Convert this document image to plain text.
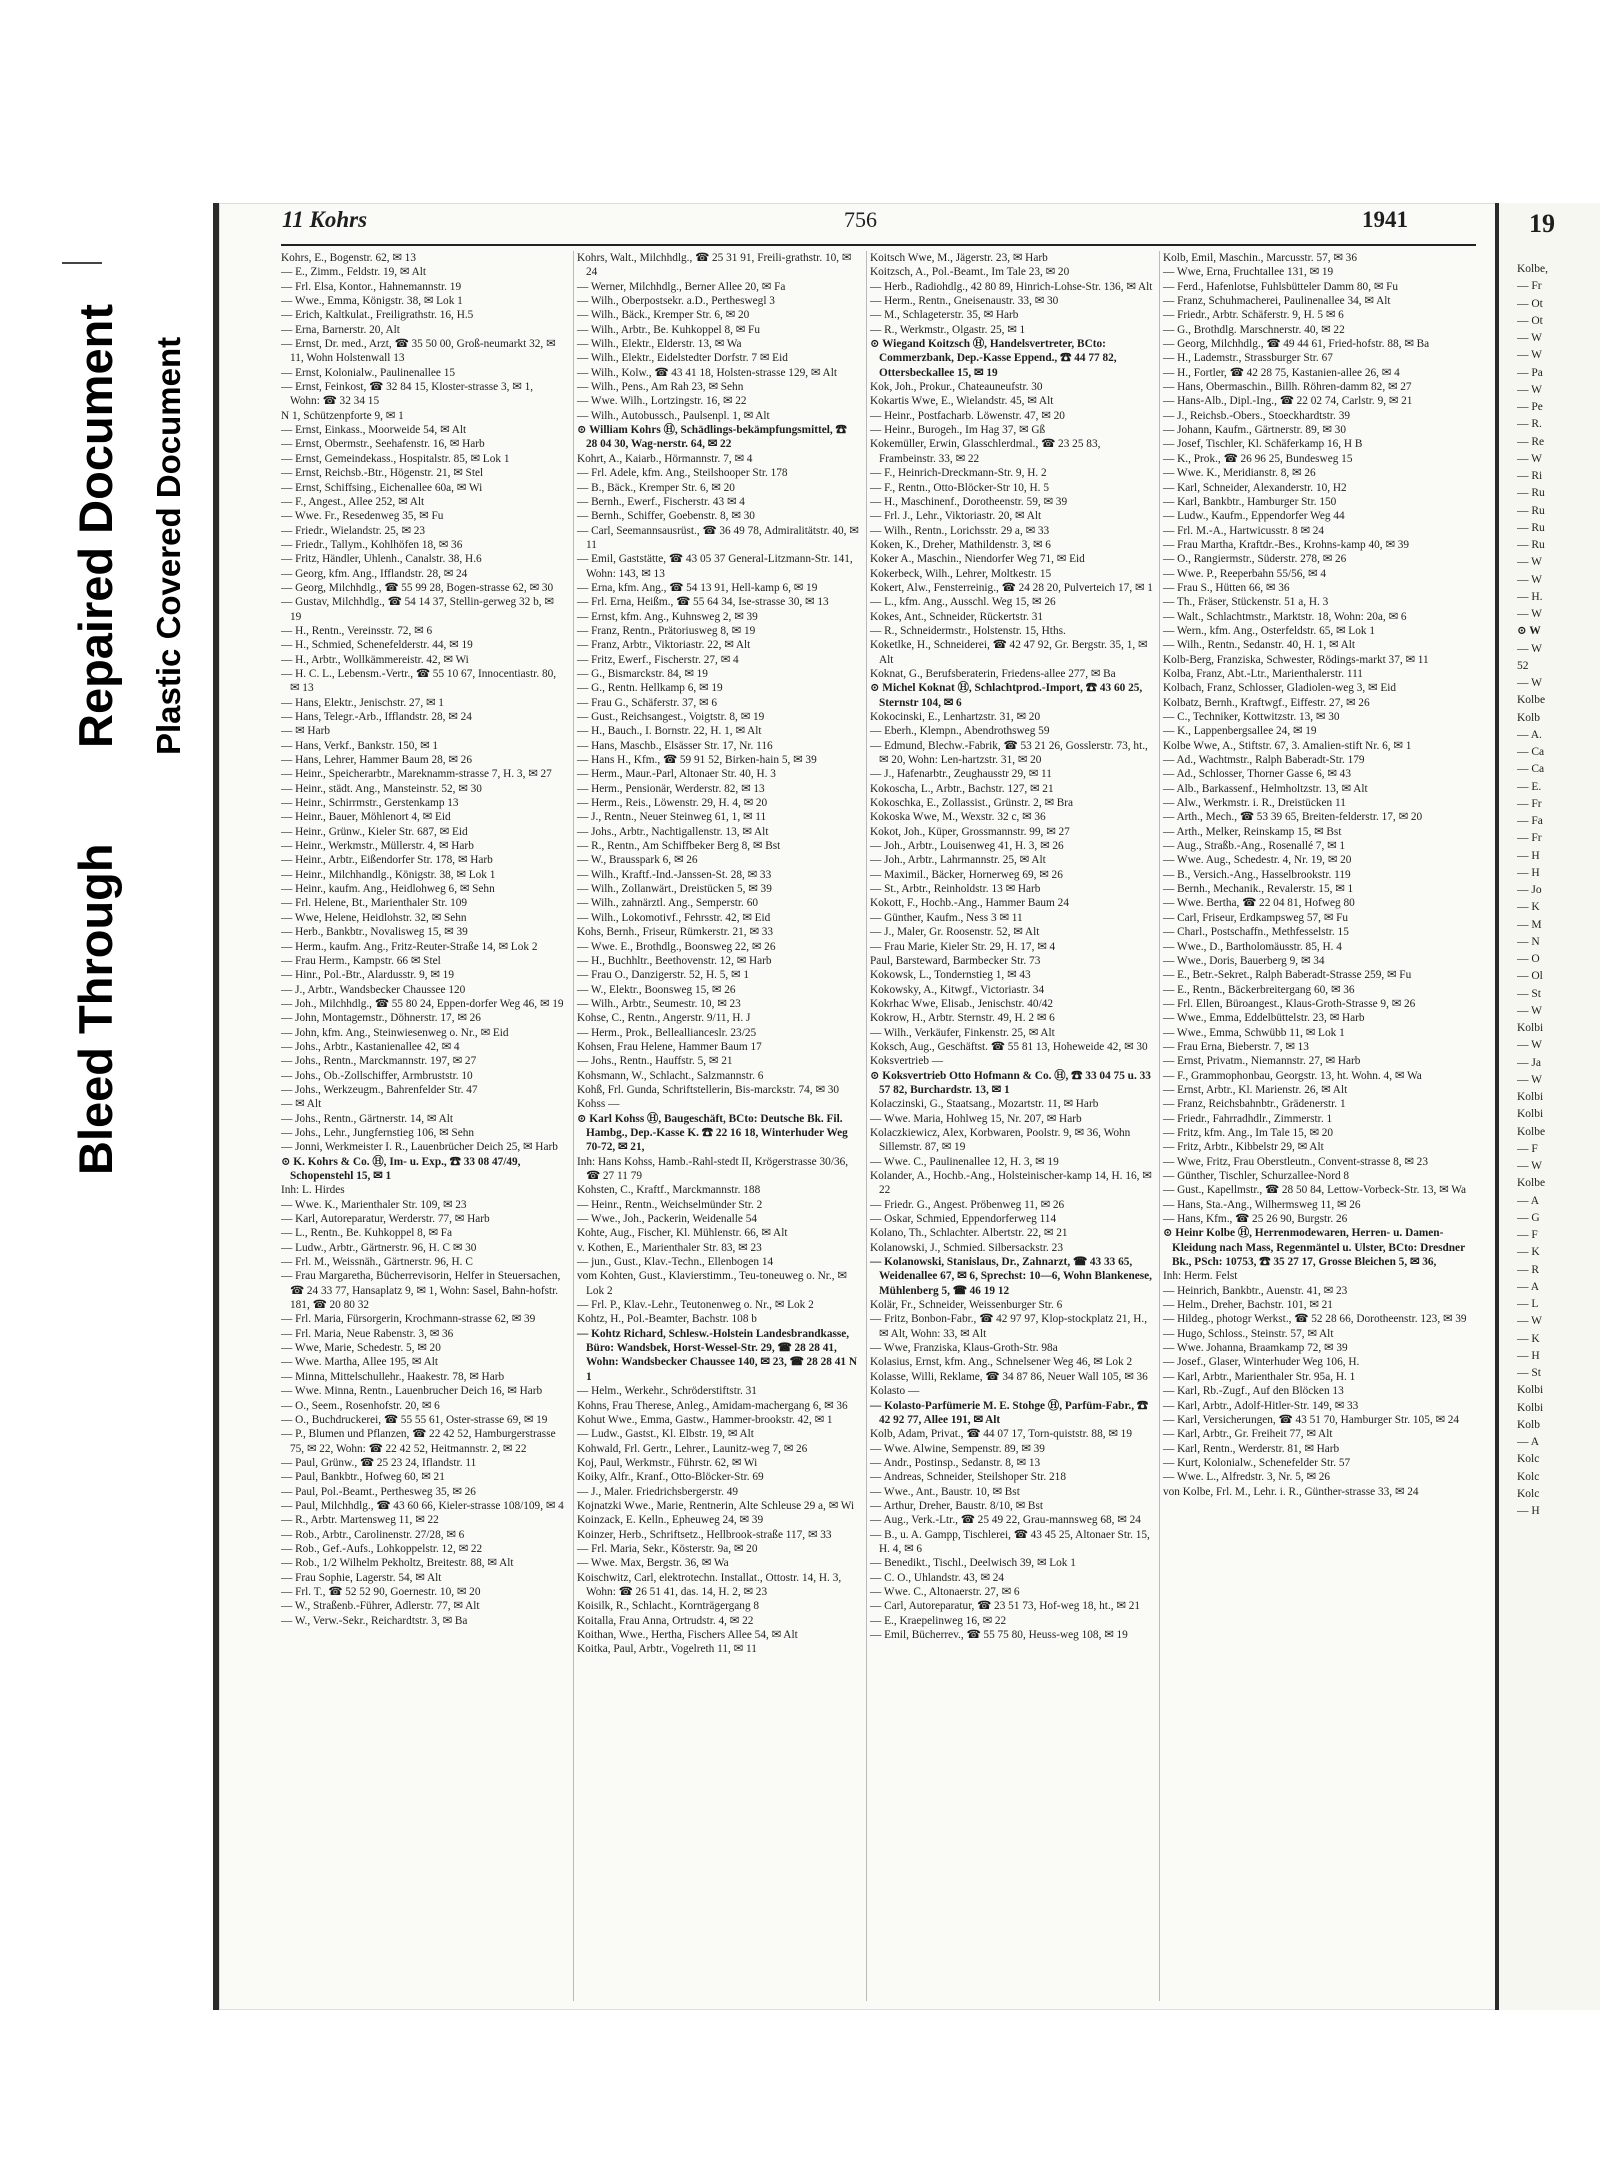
Bleed Through
Repaired Document Plastic Covered Document
11 Kohrs	756	1941
Kohrs, E., Bogenstr. 62, ✉ 13
— E., Zimm., Feldstr. 19, ✉ Alt
— Frl. Elsa, Kontor., Hahnemannstr. 19
— Wwe., Emma, Königstr. 38, ✉ Lok 1
— Erich, Kaltkulat., Freiligrathstr. 16, H.5
— Erna, Barnerstr. 20, Alt
— Ernst, Dr. med., Arzt, ☎ 35 50 00, Groß-neumarkt 32, ✉ 11, Wohn Holstenwall 13
— Ernst, Kolonialw., Paulinenallee 15
— Ernst, Feinkost, ☎ 32 84 15, Kloster-strasse 3, ✉ 1, Wohn: ☎ 32 34 15
N 1, Schützenpforte 9, ✉ 1
— Ernst, Einkass., Moorweide 54, ✉ Alt
— Ernst, Obermstr., Seehafenstr. 16, ✉ Harb
— Ernst, Gemeindekass., Hospitalstr. 85, ✉ Lok 1
— Ernst, Reichsb.-Btr., Högenstr. 21, ✉ Stel
— Ernst, Schiffsing., Eichenallee 60a, ✉ Wi
— F., Angest., Allee 252, ✉ Alt
— Wwe. Fr., Resedenweg 35, ✉ Fu
— Friedr., Wielandstr. 25, ✉ 23
— Friedr., Tallym., Kohlhöfen 18, ✉ 36
— Fritz, Händler, Uhlenh., Canalstr. 38, H.6
— Georg, kfm. Ang., Ifflandstr. 28, ✉ 24
— Georg, Milchhdlg., ☎ 55 99 28, Bogen-strasse 62, ✉ 30
— Gustav, Milchhdlg., ☎ 54 14 37, Stellin-gerweg 32 b, ✉ 19
— H., Rentn., Vereinsstr. 72, ✉ 6
— H., Schmied, Schenefelderstr. 44, ✉ 19
— H., Arbtr., Wollkämmereistr. 42, ✉ Wi
— H. C. L., Lebensm.-Vertr., ☎ 55 10 67, Innocentiastr. 80, ✉ 13
— Hans, Elektr., Jenischstr. 27, ✉ 1
— Hans, Telegr.-Arb., Ifflandstr. 28, ✉ 24
— ✉ Harb
— Hans, Verkf., Bankstr. 150, ✉ 1
— Hans, Lehrer, Hammer Baum 28, ✉ 26
— Heinr., Speicherarbtr., Mareknamm-strasse 7, H. 3, ✉ 27
— Heinr., städt. Ang., Mansteinstr. 52, ✉ 30
— Heinr., Schirrmstr., Gerstenkamp 13
— Heinr., Bauer, Möhlenort 4, ✉ Eid
— Heinr., Grünw., Kieler Str. 687, ✉ Eid
— Heinr., Werkmstr., Müllerstr. 4, ✉ Harb
— Heinr., Arbtr., Eißendorfer Str. 178, ✉ Harb
— Heinr., Milchhandlg., Königstr. 38, ✉ Lok 1
— Heinr., kaufm. Ang., Heidlohweg 6, ✉ Sehn
— Frl. Helene, Bt., Marienthaler Str. 109
— Wwe, Helene, Heidlohstr. 32, ✉ Sehn
— Herb., Bankbtr., Novalisweg 15, ✉ 39
— Herm., kaufm. Ang., Fritz-Reuter-Straße 14, ✉ Lok 2
— Frau Herm., Kampstr. 66 ✉ Stel
— Hinr., Pol.-Btr., Alardusstr. 9, ✉ 19
— J., Arbtr., Wandsbecker Chaussee 120
— Joh., Milchhdlg., ☎ 55 80 24, Eppen-dorfer Weg 46, ✉ 19
— John, Montagemstr., Döhnerstr. 17, ✉ 26
— John, kfm. Ang., Steinwiesenweg o. Nr., ✉ Eid
— Johs., Arbtr., Kastanienallee 42, ✉ 4
— Johs., Rentn., Marckmannstr. 197, ✉ 27
— Johs., Ob.-Zollschiffer, Armbruststr. 10
— Johs., Werkzeugm., Bahrenfelder Str. 47
— ✉ Alt
— Johs., Rentn., Gärtnerstr. 14, ✉ Alt
— Johs., Lehr., Jungfernstieg 106, ✉ Sehn
— Jonni, Werkmeister I. R., Lauenbrücher Deich 25, ✉ Harb
⊙ K. Kohrs & Co. Ⓗ, Im- u. Exp., ☎ 33 08 47/49, Schopenstehl 15, ✉ 1
Inh: L. Hirdes
— Wwe. K., Marienthaler Str. 109, ✉ 23
— Karl, Autoreparatur, Werderstr. 77, ✉ Harb
— L., Rentn., Be. Kuhkoppel 8, ✉ Fa
— Ludw., Arbtr., Gärtnerstr. 96, H. C ✉ 30
— Frl. M., Weissnäh., Gärtnerstr. 96, H. C
— Frau Margaretha, Bücherrevisorin, Helfer in Steuersachen, ☎ 24 33 77, Hansaplatz 9, ✉ 1, Wohn: Sasel, Bahn-hofstr. 181, ☎ 20 80 32
— Frl. Maria, Fürsorgerin, Krochmann-strasse 62, ✉ 39
— Frl. Maria, Neue Rabenstr. 3, ✉ 36
— Wwe, Marie, Schedestr. 5, ✉ 20
— Wwe. Martha, Allee 195, ✉ Alt
— Minna, Mittelschullehr., Haakestr. 78, ✉ Harb
— Wwe. Minna, Rentn., Lauenbrucher Deich 16, ✉ Harb
— O., Seem., Rosenhofstr. 20, ✉ 6
— O., Buchdruckerei, ☎ 55 55 61, Oster-strasse 69, ✉ 19
— P., Blumen und Pflanzen, ☎ 22 42 52, Hamburgerstrasse 75, ✉ 22, Wohn: ☎ 22 42 52, Heitmannstr. 2, ✉ 22
— Paul, Grünw., ☎ 25 23 24, Iflandstr. 11
— Paul, Bankbtr., Hofweg 60, ✉ 21
— Paul, Pol.-Beamt., Perthesweg 35, ✉ 26
— Paul, Milchhdlg., ☎ 43 60 66, Kieler-strasse 108/109, ✉ 4
— R., Arbtr. Martensweg 11, ✉ 22
— Rob., Arbtr., Carolinenstr. 27/28, ✉ 6
— Rob., Gef.-Aufs., Lohkoppelstr. 12, ✉ 22
— Rob., 1/2 Wilhelm Pekholtz, Breitestr. 88, ✉ Alt
— Frau Sophie, Lagerstr. 54, ✉ Alt
— Frl. T., ☎ 52 52 90, Goernestr. 10, ✉ 20
— W., Straßenb.-Führer, Adlerstr. 77, ✉ Alt
— W., Verw.-Sekr., Reichardtstr. 3, ✉ Ba
Kohrs, Walt., Milchhdlg., ☎ 25 31 91, Freili-grathstr. 10, ✉ 24
— Werner, Milchhdlg., Berner Allee 20, ✉ Fa
— Wilh., Oberpostsekr. a.D., Pertheswegl 3
— Wilh., Bäck., Kremper Str. 6, ✉ 20
— Wilh., Arbtr., Be. Kuhkoppel 8, ✉ Fu
— Wilh., Elektr., Elderstr. 13, ✉ Wa
— Wilh., Elektr., Eidelstedter Dorfstr. 7 ✉ Eid
— Wilh., Kolw., ☎ 43 41 18, Holsten-strasse 129, ✉ Alt
— Wilh., Pens., Am Rah 23, ✉ Sehn
— Wwe. Wilh., Lortzingstr. 16, ✉ 22
— Wilh., Autobussch., Paulsenpl. 1, ✉ Alt
⊙ William Kohrs Ⓗ, Schädlings-bekämpfungsmittel, ☎ 28 04 30, Wag-nerstr. 64, ✉ 22
Kohrt, A., Kaiarb., Hörmannstr. 7, ✉ 4
— Frl. Adele, kfm. Ang., Steilshooper Str. 178
— B., Bäck., Kremper Str. 6, ✉ 20
— Bernh., Ewerf., Fischerstr. 43 ✉ 4
— Bernh., Schiffer, Goebenstr. 8, ✉ 30
— Carl, Seemannsausrüst., ☎ 36 49 78, Admiralitätstr. 40, ✉ 11
— Emil, Gaststätte, ☎ 43 05 37 General-Litzmann-Str. 141, Wohn: 143, ✉ 13
— Erna, kfm. Ang., ☎ 54 13 91, Hell-kamp 6, ✉ 19
— Frl. Erna, Heißm., ☎ 55 64 34, Ise-strasse 30, ✉ 13
— Ernst, kfm. Ang., Kuhnsweg 2, ✉ 39
— Franz, Rentn., Prätoriusweg 8, ✉ 19
— Franz, Arbtr., Viktoriastr. 22, ✉ Alt
— Fritz, Ewerf., Fischerstr. 27, ✉ 4
— G., Bismarckstr. 84, ✉ 19
— G., Rentn. Hellkamp 6, ✉ 19
— Frau G., Schäferstr. 37, ✉ 6
— Gust., Reichsangest., Voigtstr. 8, ✉ 19
— H., Bauch., I. Bornstr. 22, H. 1, ✉ Alt
— Hans, Maschb., Elsässer Str. 17, Nr. 116
— Hans H., Kfm., ☎ 59 91 52, Birken-hain 5, ✉ 39
— Herm., Maur.-Parl, Altonaer Str. 40, H. 3
— Herm., Pensionär, Werderstr. 82, ✉ 13
— Herm., Reis., Löwenstr. 29, H. 4, ✉ 20
— J., Rentn., Neuer Steinweg 61, 1, ✉ 11
— Johs., Arbtr., Nachtigallenstr. 13, ✉ Alt
— R., Rentn., Am Schiffbeker Berg 8, ✉ Bst
— W., Brausspark 6, ✉ 26
— Wilh., Kraftf.-Ind.-Janssen-St. 28, ✉ 33
— Wilh., Zollanwärt., Dreistücken 5, ✉ 39
— Wilh., zahnärztl. Ang., Semperstr. 60
— Wilh., Lokomotivf., Fehrsstr. 42, ✉ Eid
Kohs, Bernh., Friseur, Rümkerstr. 21, ✉ 33
— Wwe. E., Brothdlg., Boonsweg 22, ✉ 26
— H., Buchhltr., Beethovenstr. 12, ✉ Harb
— Frau O., Danzigerstr. 52, H. 5, ✉ 1
— W., Elektr., Boonsweg 15, ✉ 26
— Wilh., Arbtr., Seumestr. 10, ✉ 23
Kohse, C., Rentn., Angerstr. 9/11, H. J
— Herm., Prok., Belleallianceslr. 23/25
Kohsen, Frau Helene, Hammer Baum 17
— Johs., Rentn., Hauffstr. 5, ✉ 21
Kohsmann, W., Schlacht., Salzmannstr. 6
Kohß, Frl. Gunda, Schriftstellerin, Bis-marckstr. 74, ✉ 30
Kohss —
⊙ Karl Kohss Ⓗ, Baugeschäft, BCto: Deutsche Bk. Fil. Hambg., Dep.-Kasse K. ☎ 22 16 18, Winterhuder Weg 70-72, ✉ 21,
Inh: Hans Kohss, Hamb.-Rahl-stedt II, Krögerstrasse 30/36, ☎ 27 11 79
Kohsten, C., Kraftf., Marckmannstr. 188
— Heinr., Rentn., Weichselmünder Str. 2
— Wwe., Joh., Packerin, Weidenalle 54
Kohte, Aug., Fischer, Kl. Mühlenstr. 66, ✉ Alt
v. Kothen, E., Marienthaler Str. 83, ✉ 23
— jun., Gust., Klav.-Techn., Ellenbogen 14
vom Kohten, Gust., Klavierstimm., Teu-toneuweg o. Nr., ✉ Lok 2
— Frl. P., Klav.-Lehr., Teutonenweg o. Nr., ✉ Lok 2
Kohtz, H., Pol.-Beamter, Bachstr. 108 b
— Kohtz Richard, Schlesw.-Holstein Landesbrandkasse, Büro: Wandsbek, Horst-Wessel-Str. 29, ☎ 28 28 41, Wohn: Wandsbecker Chaussee 140, ✉ 23, ☎ 28 28 41 N 1
— Helm., Werkehr., Schröderstiftstr. 31
Kohns, Frau Therese, Anleg., Amidam-machergang 6, ✉ 36
Kohut Wwe., Emma, Gastw., Hammer-brookstr. 42, ✉ 1
— Ludw., Gastst., Kl. Elbstr. 19, ✉ Alt
Kohwald, Frl. Gertr., Lehrer., Launitz-weg 7, ✉ 26
Koj, Paul, Werkmstr., Führstr. 62, ✉ Wi
Koiky, Alfr., Kranf., Otto-Blöcker-Str. 69
— J., Maler. Friedrichsbergerstr. 49
Kojnatzki Wwe., Marie, Rentnerin, Alte Schleuse 29 a, ✉ Wi
Koinzack, E. Kelln., Epheuweg 24, ✉ 39
Koinzer, Herb., Schriftsetz., Hellbrook-straße 117, ✉ 33
— Frl. Maria, Sekr., Kösterstr. 9a, ✉ 20
— Wwe. Max, Bergstr. 36, ✉ Wa
Koischwitz, Carl, elektrotechn. Installat., Ottostr. 14, H. 3, Wohn: ☎ 26 51 41, das. 14, H. 2, ✉ 23
Koisilk, R., Schlacht., Kornträgergang 8
Koitalla, Frau Anna, Ortrudstr. 4, ✉ 22
Koithan, Wwe., Hertha, Fischers Allee 54, ✉ Alt
Koitka, Paul, Arbtr., Vogelreth 11, ✉ 11
Koitsch Wwe, M., Jägerstr. 23, ✉ Harb
Koitzsch, A., Pol.-Beamt., Im Tale 23, ✉ 20
— Herb., Radiohdlg., 42 80 89, Hinrich-Lohse-Str. 136, ✉ Alt
— Herm., Rentn., Gneisenaustr. 33, ✉ 30
— M., Schlageterstr. 35, ✉ Harb
— R., Werkmstr., Olgastr. 25, ✉ 1
⊙ Wiegand Koitzsch Ⓗ, Handelsvertreter, BCto: Commerzbank, Dep.-Kasse Eppend., ☎ 44 77 82, Ottersbeckallee 15, ✉ 19
Kok, Joh., Prokur., Chateauneufstr. 30
Kokartis Wwe, E., Wielandstr. 45, ✉ Alt
— Heinr., Postfacharb. Löwenstr. 47, ✉ 20
— Heinr., Burogeh., Im Hag 37, ✉ Gß
Kokemüller, Erwin, Glasschlerdmal., ☎ 23 25 83, Frambeinstr. 33, ✉ 22
— F., Heinrich-Dreckmann-Str. 9, H. 2
— F., Rentn., Otto-Blöcker-Str 10, H. 5
— H., Maschinenf., Dorotheenstr. 59, ✉ 39
— Frl. J., Lehr., Viktoriastr. 20, ✉ Alt
— Wilh., Rentn., Lorichsstr. 29 a, ✉ 33
Koken, K., Dreher, Mathildenstr. 3, ✉ 6
Koker A., Maschin., Niendorfer Weg 71, ✉ Eid
Kokerbeck, Wilh., Lehrer, Moltkestr. 15
Kokert, Alw., Fensterreinig., ☎ 24 28 20, Pulverteich 17, ✉ 1
— L., kfm. Ang., Ausschl. Weg 15, ✉ 26
Kokes, Ant., Schneider, Rückertstr. 31
— R., Schneidermstr., Holstenstr. 15, Hths.
Koketlke, H., Schneiderei, ☎ 42 47 92, Gr. Bergstr. 35, 1, ✉ Alt
Koknat, G., Berufsberaterin, Friedens-allee 277, ✉ Ba
⊙ Michel Koknat Ⓗ, Schlachtprod.-Import, ☎ 43 60 25, Sternstr 104, ✉ 6
Kokocinski, E., Lenhartzstr. 31, ✉ 20
— Eberh., Klempn., Abendrothsweg 59
— Edmund, Blechw.-Fabrik, ☎ 53 21 26, Gosslerstr. 73, ht., ✉ 20, Wohn: Len-hartzstr. 31, ✉ 20
— J., Hafenarbtr., Zeughausstr 29, ✉ 11
Kokoscha, L., Arbtr., Bachstr. 127, ✉ 21
Kokoschka, E., Zollassist., Grünstr. 2, ✉ Bra
Kokoska Wwe, M., Wexstr. 32 c, ✉ 36
Kokot, Joh., Küper, Grossmannstr. 99, ✉ 27
— Joh., Arbtr., Louisenweg 41, H. 3, ✉ 26
— Joh., Arbtr., Lahrmannstr. 25, ✉ Alt
— Maximil., Bäcker, Hornerweg 69, ✉ 26
— St., Arbtr., Reinholdstr. 13 ✉ Harb
Kokott, F., Hochb.-Ang., Hammer Baum 24
— Günther, Kaufm., Ness 3 ✉ 11
— J., Maler, Gr. Roosenstr. 52, ✉ Alt
— Frau Marie, Kieler Str. 29, H. 17, ✉ 4
Paul, Barsteward, Barmbecker Str. 73
Kokowsk, L., Tondernstieg 1, ✉ 43
Kokowsky, A., Kitwgf., Victoriastr. 34
Kokrhac Wwe, Elisab., Jenischstr. 40/42
Kokrow, H., Arbtr. Sternstr. 49, H. 2 ✉ 6
— Wilh., Verkäufer, Finkenstr. 25, ✉ Alt
Koksch, Aug., Geschäftst. ☎ 55 81 13, Hoheweide 42, ✉ 30
Koksvertrieb —
⊙ Koksvertrieb Otto Hofmann & Co. Ⓗ, ☎ 33 04 75 u. 33 57 82, Burchardstr. 13, ✉ 1
Kolaczinski, G., Staatsang., Mozartstr. 11, ✉ Harb
— Wwe. Maria, Hohlweg 15, Nr. 207, ✉ Harb
Kolaczkiewicz, Alex, Korbwaren, Poolstr. 9, ✉ 36, Wohn Sillemstr. 87, ✉ 19
— Wwe. C., Paulinenallee 12, H. 3, ✉ 19
Kolander, A., Hochb.-Ang., Holsteinischer-kamp 14, H. 16, ✉ 22
— Friedr. G., Angest. Pröbenweg 11, ✉ 26
— Oskar, Schmied, Eppendorferweg 114
Kolano, Th., Schlachter. Albertstr. 22, ✉ 21
Kolanowski, J., Schmied. Silbersackstr. 23
— Kolanowski, Stanislaus, Dr., Zahnarzt, ☎ 43 33 65, Weidenallee 67, ✉ 6, Sprechst: 10—6, Wohn Blankenese, Mühlenberg 5, ☎ 46 19 12
Kolär, Fr., Schneider, Weissenburger Str. 6
— Fritz, Bonbon-Fabr., ☎ 42 97 97, Klop-stockplatz 21, H., ✉ Alt, Wohn: 33, ✉ Alt
— Wwe, Franziska, Klaus-Groth-Str. 98a
Kolasius, Ernst, kfm. Ang., Schnelsener Weg 46, ✉ Lok 2
Kolasse, Willi, Reklame, ☎ 34 87 86, Neuer Wall 105, ✉ 36
Kolasto —
— Kolasto-Parfümerie M. E. Stohge Ⓗ, Parfüm-Fabr., ☎ 42 92 77, Allee 191, ✉ Alt
Kolb, Adam, Privat., ☎ 44 07 17, Torn-quiststr. 88, ✉ 19
— Wwe. Alwine, Sempenstr. 89, ✉ 39
— Andr., Postinsp., Sedanstr. 8, ✉ 13
— Andreas, Schneider, Steilshoper Str. 218
— Wwe., Ant., Baustr. 10, ✉ Bst
— Arthur, Dreher, Baustr. 8/10, ✉ Bst
— Aug., Verk.-Ltr., ☎ 25 49 22, Grau-mannsweg 68, ✉ 24
— B., u. A. Gampp, Tischlerei, ☎ 43 45 25, Altonaer Str. 15, H. 4, ✉ 6
— Benedikt., Tischl., Deelwisch 39, ✉ Lok 1
— C. O., Uhlandstr. 43, ✉ 24
— Wwe. C., Altonaerstr. 27, ✉ 6
— Carl, Autoreparatur, ☎ 23 51 73, Hof-weg 18, ht., ✉ 21
— E., Kraepelinweg 16, ✉ 22
— Emil, Bücherrev., ☎ 55 75 80, Heuss-weg 108, ✉ 19
Kolb, Emil, Maschin., Marcusstr. 57, ✉ 36
— Wwe, Erna, Fruchtallee 131, ✉ 19
— Ferd., Hafenlotse, Fuhlsbütteler Damm 80, ✉ Fu
— Franz, Schuhmacherei, Paulinenallee 34, ✉ Alt
— Friedr., Arbtr. Schäferstr. 9, H. 5 ✉ 6
— G., Brothdlg. Marschnerstr. 40, ✉ 22
— Georg, Milchhdlg., ☎ 49 44 61, Fried-hofstr. 88, ✉ Ba
— H., Lademstr., Strassburger Str. 67
— H., Fortler, ☎ 42 28 75, Kastanien-allee 26, ✉ 4
— Hans, Obermaschin., Billh. Röhren-damm 82, ✉ 27
— Hans-Alb., Dipl.-Ing., ☎ 22 02 74, Carlstr. 9, ✉ 21
— J., Reichsb.-Obers., Stoeckhardtstr. 39
— Johann, Kaufm., Gärtnerstr. 89, ✉ 30
— Josef, Tischler, Kl. Schäferkamp 16, H B
— K., Prok., ☎ 26 96 25, Bundesweg 15
— Wwe. K., Meridianstr. 8, ✉ 26
— Karl, Schneider, Alexanderstr. 10, H2
— Karl, Bankbtr., Hamburger Str. 150
— Ludw., Kaufm., Eppendorfer Weg 44
— Frl. M.-A., Hartwicusstr. 8 ✉ 24
— Frau Martha, Kraftdr.-Bes., Krohns-kamp 40, ✉ 39
— O., Rangiermstr., Süderstr. 278, ✉ 26
— Wwe. P., Reeperbahn 55/56, ✉ 4
— Frau S., Hütten 66, ✉ 36
— Th., Fräser, Stückenstr. 51 a, H. 3
— Walt., Schlachtmstr., Marktstr. 18, Wohn: 20a, ✉ 6
— Wern., kfm. Ang., Osterfeldstr. 65, ✉ Lok 1
— Wilh., Rentn., Sedanstr. 40, H. 1, ✉ Alt
Kolb-Berg, Franziska, Schwester, Rödings-markt 37, ✉ 11
Kolba, Franz, Abt.-Ltr., Marienthalerstr. 111
Kolbach, Franz, Schlosser, Gladiolen-weg 3, ✉ Eid
Kolbatz, Bernh., Kraftwgf., Eiffestr. 27, ✉ 26
— C., Techniker, Kottwitzstr. 13, ✉ 30
— K., Lappenbergsallee 24, ✉ 19
Kolbe Wwe, A., Stiftstr. 67, 3. Amalien-stift Nr. 6, ✉ 1
— Ad., Wachtmstr., Ralph Baberadt-Str. 179
— Ad., Schlosser, Thorner Gasse 6, ✉ 43
— Alb., Barkassenf., Helmholtzstr. 13, ✉ Alt
— Alw., Werkmstr. i. R., Dreistücken 11
— Arth., Mech., ☎ 53 39 65, Breiten-felderstr. 17, ✉ 20
— Arth., Melker, Reinskamp 15, ✉ Bst
— Aug., Straßb.-Ang., Rosenallé 7, ✉ 1
— Wwe. Aug., Schedestr. 4, Nr. 19, ✉ 20
— B., Versich.-Ang., Hasselbrookstr. 119
— Bernh., Mechanik., Revalerstr. 15, ✉ 1
— Wwe. Bertha, ☎ 22 04 81, Hofweg 80
— Carl, Friseur, Erdkampsweg 57, ✉ Fu
— Charl., Postschaffn., Methfesselstr. 15
— Wwe., D., Bartholomäusstr. 85, H. 4
— Wwe., Doris, Bauerberg 9, ✉ 34
— E., Betr.-Sekret., Ralph Baberadt-Strasse 259, ✉ Fu
— E., Rentn., Bäckerbreitergang 60, ✉ 36
— Frl. Ellen, Büroangest., Klaus-Groth-Strasse 9, ✉ 26
— Wwe., Emma, Eddelbüttelstr. 23, ✉ Harb
— Wwe., Emma, Schwübb 11, ✉ Lok 1
— Frau Erna, Bieberstr. 7, ✉ 13
— Ernst, Privatm., Niemannstr. 27, ✉ Harb
— F., Grammophonbau, Georgstr. 13, ht. Wohn. 4, ✉ Wa
— Ernst, Arbtr., Kl. Marienstr. 26, ✉ Alt
— Franz, Reichsbahnbtr., Grädenerstr. 1
— Friedr., Fahrradhdlr., Zimmerstr. 1
— Fritz, kfm. Ang., Im Tale 15, ✉ 20
— Fritz, Arbtr., Kibbelstr 29, ✉ Alt
— Wwe, Fritz, Frau Oberstleutn., Convent-strasse 8, ✉ 23
— Günther, Tischler, Schurzallee-Nord 8
— Gust., Kapellmstr., ☎ 28 50 84, Lettow-Vorbeck-Str. 13, ✉ Wa
— Hans, Sta.-Ang., Wilhermsweg 11, ✉ 26
— Hans, Kfm., ☎ 25 26 90, Burgstr. 26
⊙ Heinr Kolbe Ⓗ, Herrenmodewaren, Herren- u. Damen-Kleidung nach Mass, Regenmäntel u. Ulster, BCto: Dresdner Bk., PSch: 10753, ☎ 35 27 17, Grosse Bleichen 5, ✉ 36,
Inh: Herm. Felst
— Heinrich, Bankbtr., Auenstr. 41, ✉ 23
— Helm., Dreher, Bachstr. 101, ✉ 21
— Hildeg., photogr Werkst., ☎ 52 28 66, Dorotheenstr. 123, ✉ 39
— Hugo, Schloss., Steinstr. 57, ✉ Alt
— Wwe. Johanna, Braamkamp 72, ✉ 39
— Josef., Glaser, Winterhuder Weg 106, H.
— Karl, Arbtr., Marienthaler Str. 95a, H. 1
— Karl, Rb.-Zugf., Auf den Blöcken 13
— Karl, Arbtr., Adolf-Hitler-Str. 149, ✉ 33
— Karl, Versicherungen, ☎ 43 51 70, Hamburger Str. 105, ✉ 24
— Karl, Arbtr., Gr. Freiheit 77, ✉ Alt
— Karl, Rentn., Werderstr. 81, ✉ Harb
— Kurt, Kolonialw., Schenefelder Str. 57
— Wwe. L., Alfredstr. 3, Nr. 5, ✉ 26
von Kolbe, Frl. M., Lehr. i. R., Günther-strasse 33, ✉ 24
19
Kolbe,
— Fr
— Ot
— Ot
— W
— W
— Pa
— W
— Pe
— R.
— Re
— W
— Ri
— Ru
— Ru
— Ru
— Ru
— W
— W
— H.
— W
⊙ W
— W
52
— W
Kolbe
Kolb
— A.
— Ca
— Ca
— E.
— Fr
— Fa
— Fr
— H
— H
— Jo
— K
— M
— N
— O
— Ol
— St
— W
Kolbi
— W
— Ja
— W
Kolbi
Kolbi
Kolbe
— F
— W
Kolbe
— A
— G
— F
— K
— R
— A
— L
— W
— K
— H
— St
Kolbi
Kolbi
Kolb
— A
Kolc
Kolc
Kolc
— H
